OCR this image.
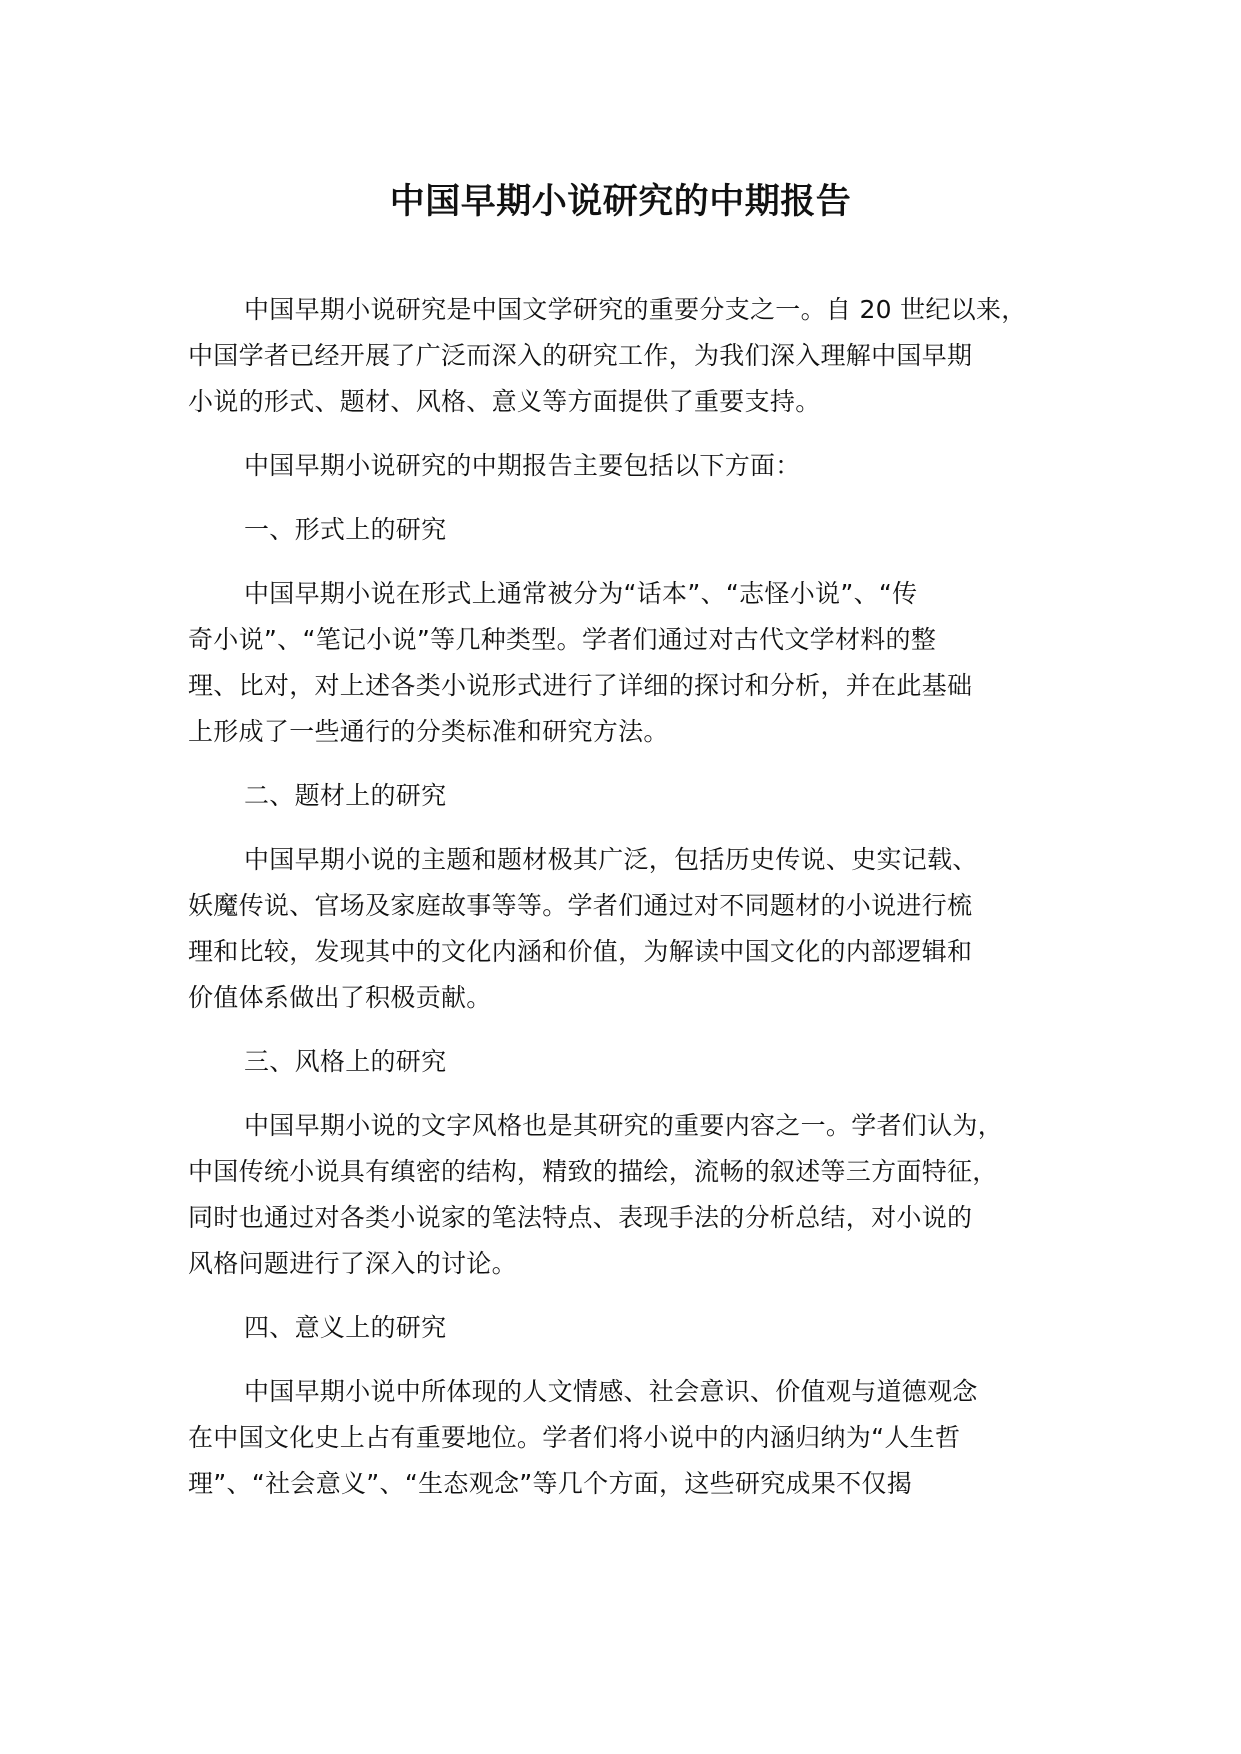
中国早期小说研究的中期报告

中国早期小说研究是中国文学研究的重要分支之一。自 20 世纪以来，
中国学者已经开展了广泛而深入的研究工作，为我们深入理解中国早期
小说的形式、题材、风格、意义等方面提供了重要支持。

中国早期小说研究的中期报告主要包括以下方面：

一、形式上的研究

中国早期小说在形式上通常被分为“话本”、“志怪小说”、“传
奇小说”、“笔记小说”等几种类型。学者们通过对古代文学材料的整
理、比对，对上述各类小说形式进行了详细的探讨和分析，并在此基础
上形成了一些通行的分类标准和研究方法。

二、题材上的研究

中国早期小说的主题和题材极其广泛，包括历史传说、史实记载、
妖魔传说、官场及家庭故事等等。学者们通过对不同题材的小说进行梳
理和比较，发现其中的文化内涵和价值，为解读中国文化的内部逻辑和
价值体系做出了积极贡献。

三、风格上的研究

中国早期小说的文字风格也是其研究的重要内容之一。学者们认为，
中国传统小说具有缜密的结构，精致的描绘，流畅的叙述等三方面特征，
同时也通过对各类小说家的笔法特点、表现手法的分析总结，对小说的
风格问题进行了深入的讨论。

四、意义上的研究

中国早期小说中所体现的人文情感、社会意识、价值观与道德观念
在中国文化史上占有重要地位。学者们将小说中的内涵归纳为“人生哲
理”、“社会意义”、“生态观念”等几个方面，这些研究成果不仅揭
